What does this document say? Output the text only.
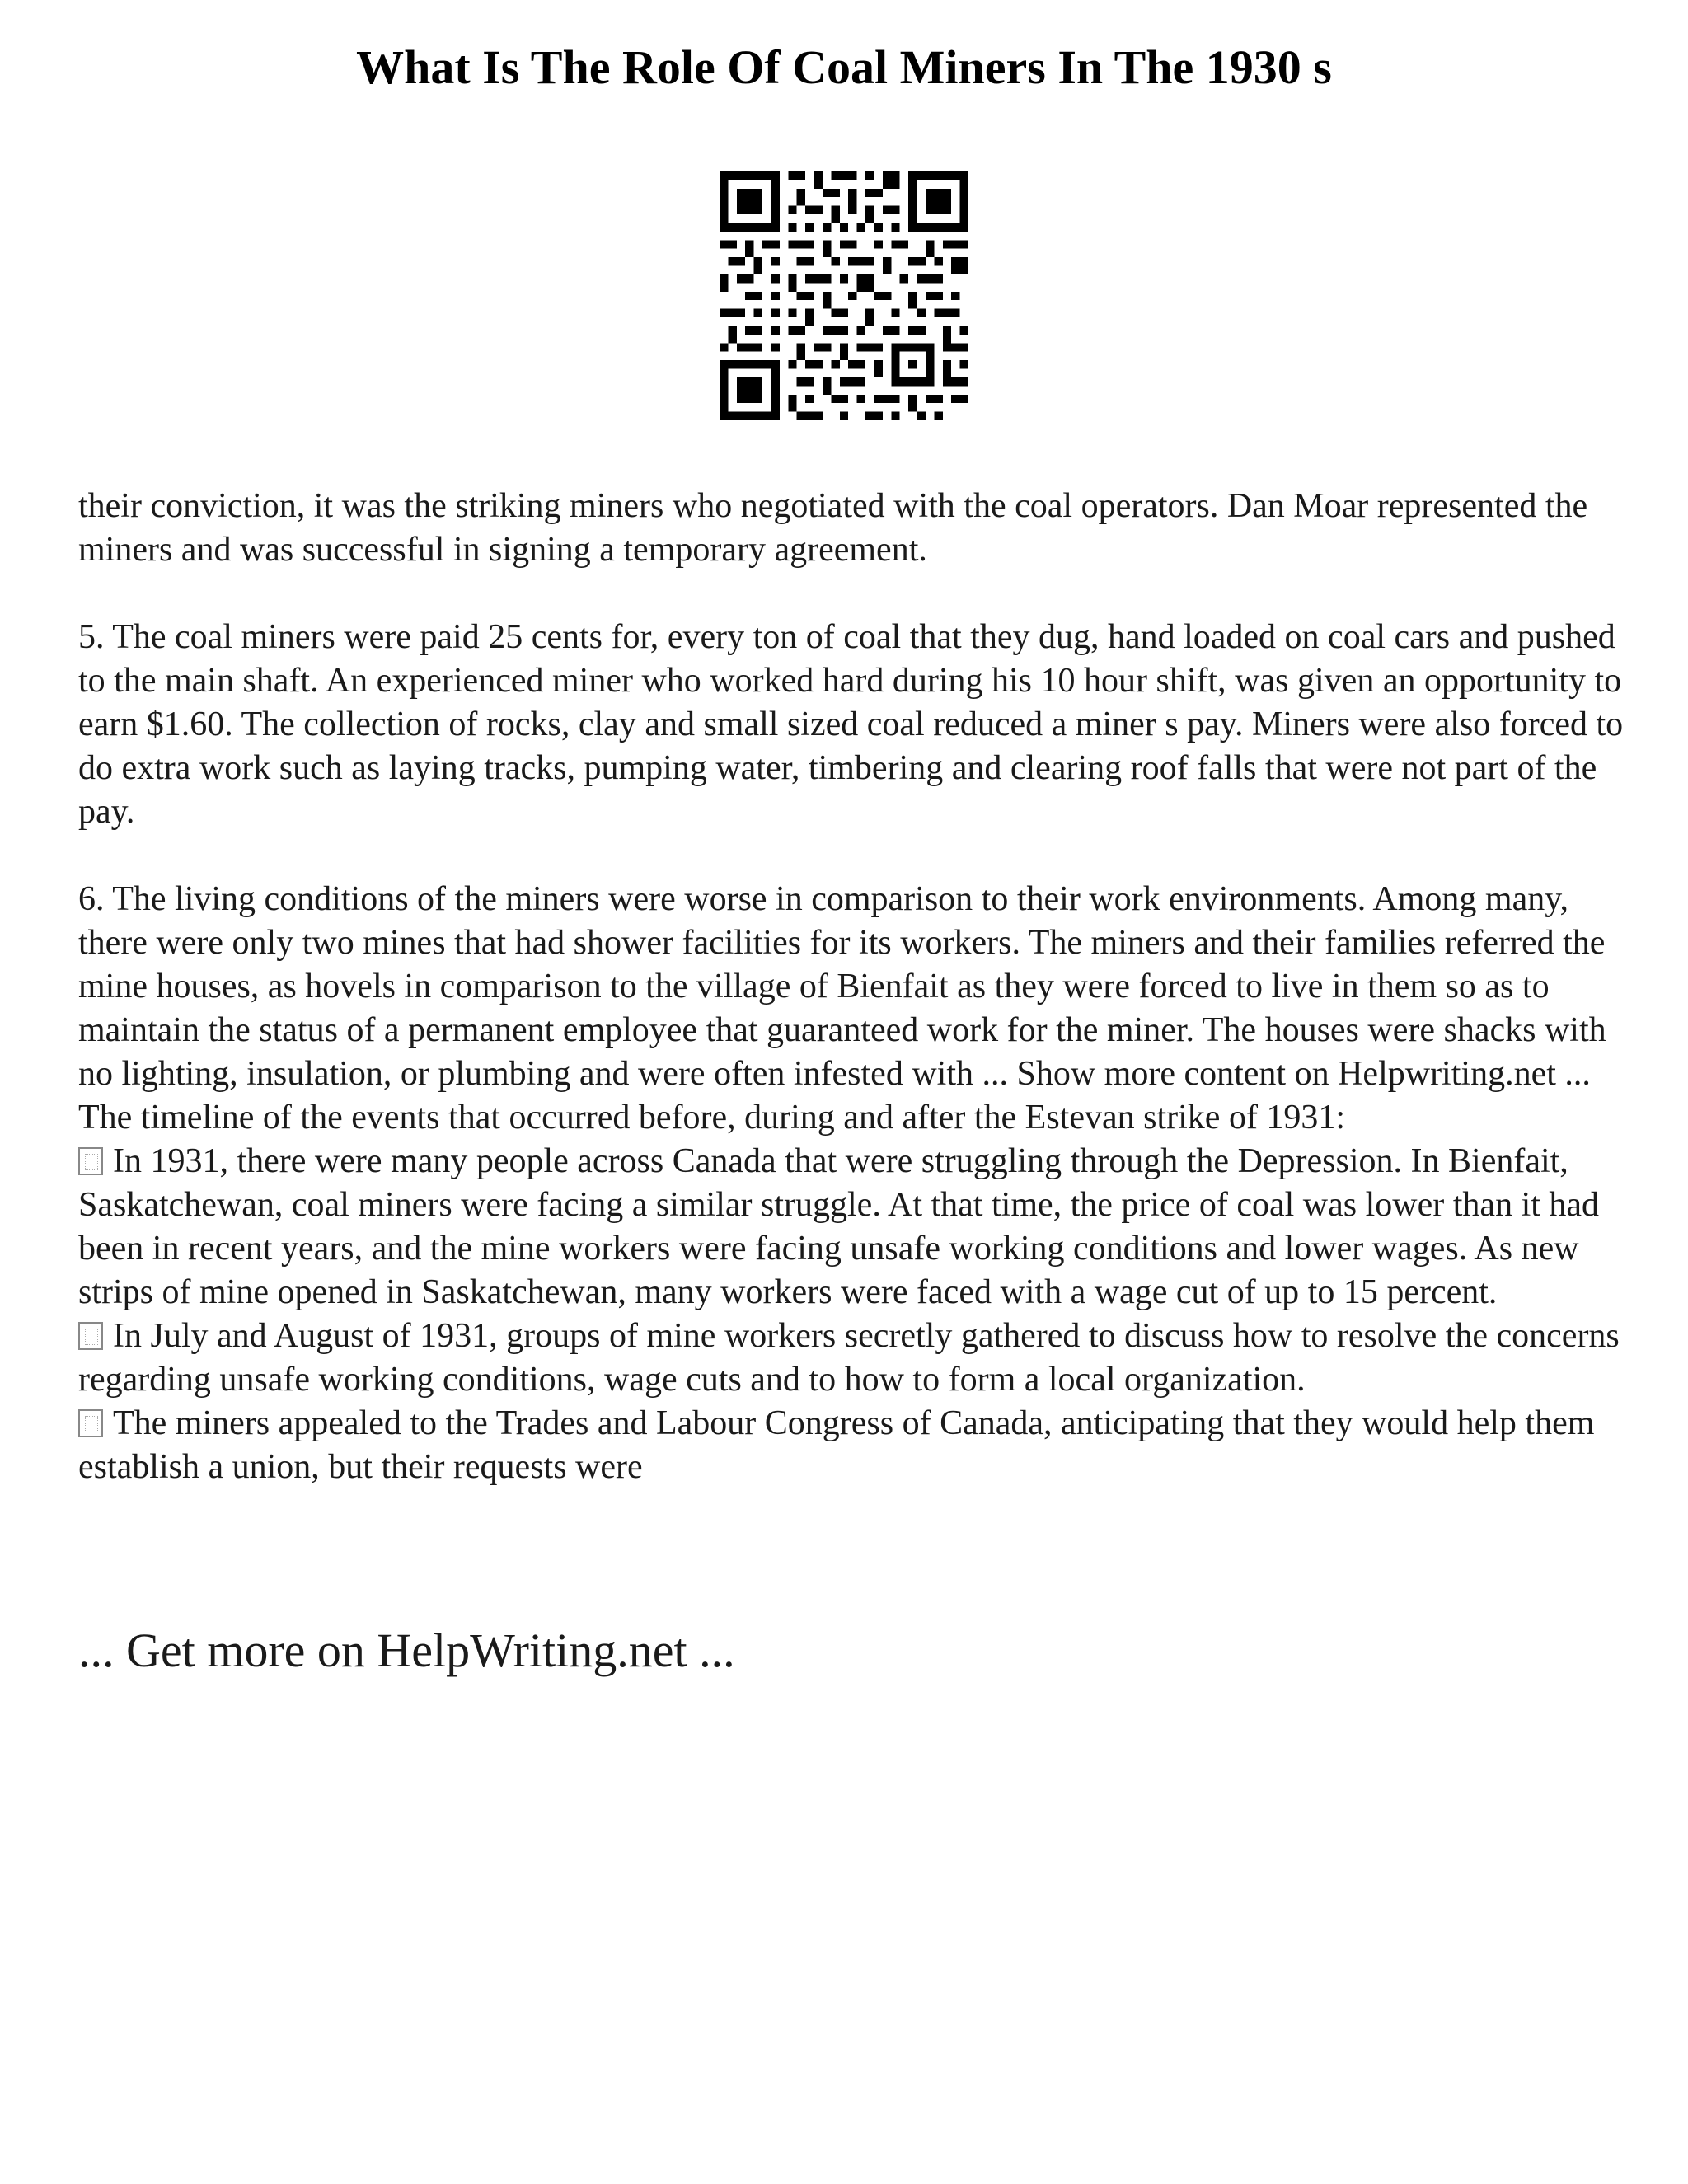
What Is The Role Of Coal Miners In The 1930 s

their conviction, it was the striking miners who negotiated with the coal operators. Dan Moar represented the miners and was successful in signing a temporary agreement.

5. The coal miners were paid 25 cents for, every ton of coal that they dug, hand loaded on coal cars and pushed to the main shaft. An experienced miner who worked hard during his 10 hour shift, was given an opportunity to earn $1.60. The collection of rocks, clay and small sized coal reduced a miner s pay. Miners were also forced to do extra work such as laying tracks, pumping water, timbering and clearing roof falls that were not part of the pay.

6. The living conditions of the miners were worse in comparison to their work environments. Among many, there were only two mines that had shower facilities for its workers. The miners and their families referred the mine houses, as hovels in comparison to the village of Bienfait as they were forced to live in them so as to maintain the status of a permanent employee that guaranteed work for the miner. The houses were shacks with no lighting, insulation, or plumbing and were often infested with ... Show more content on Helpwriting.net ...

The timeline of the events that occurred before, during and after the Estevan strike of 1931:

In 1931, there were many people across Canada that were struggling through the Depression. In Bienfait, Saskatchewan, coal miners were facing a similar struggle. At that time, the price of coal was lower than it had been in recent years, and the mine workers were facing unsafe working conditions and lower wages. As new strips of mine opened in Saskatchewan, many workers were faced with a wage cut of up to 15 percent.

In July and August of 1931, groups of mine workers secretly gathered to discuss how to resolve the concerns regarding unsafe working conditions, wage cuts and to how to form a local organization.

The miners appealed to the Trades and Labour Congress of Canada, anticipating that they would help them establish a union, but their requests were

... Get more on HelpWriting.net ...
